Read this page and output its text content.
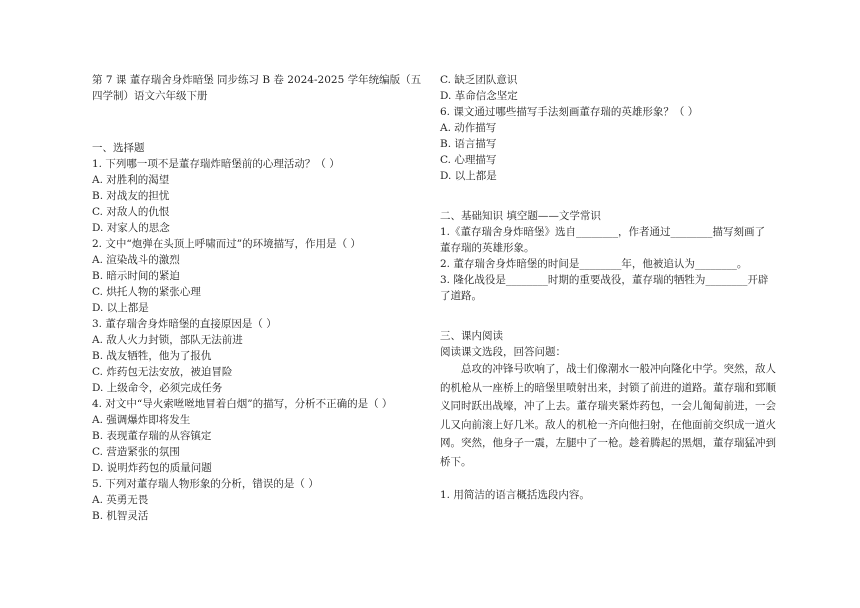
第 7 课 董存瑞舍身炸暗堡 同步练习 B 卷 2024-2025 学年统编版（五

四学制）语文六年级下册

一、选择题

1. 下列哪一项不是董存瑞炸暗堡前的心理活动？（ ）

A. 对胜利的渴望

B. 对战友的担忧

C. 对敌人的仇恨

D. 对家人的思念

2. 文中“炮弹在头顶上呼啸而过”的环境描写，作用是（ ）

A. 渲染战斗的激烈

B. 暗示时间的紧迫

C. 烘托人物的紧张心理

D. 以上都是

3. 董存瑞舍身炸暗堡的直接原因是（ ）

A. 敌人火力封锁，部队无法前进

B. 战友牺牲，他为了报仇

C. 炸药包无法安放，被迫冒险

D. 上级命令，必须完成任务

4. 对文中“导火索咝咝地冒着白烟”的描写，分析不正确的是（ ）

A. 强调爆炸即将发生

B. 表现董存瑞的从容镇定

C. 营造紧张的氛围

D. 说明炸药包的质量问题

5. 下列对董存瑞人物形象的分析，错误的是（ ）

A. 英勇无畏

B. 机智灵活

C. 缺乏团队意识

D. 革命信念坚定

6. 课文通过哪些描写手法刻画董存瑞的英雄形象？（ ）

A. 动作描写

B. 语言描写

C. 心理描写

D. 以上都是

二、基础知识 填空题——文学常识

1.《董存瑞舍身炸暗堡》选自________，作者通过________描写刻画了

董存瑞的英雄形象。

2. 董存瑞舍身炸暗堡的时间是________年，他被追认为________。

3. 隆化战役是________时期的重要战役，董存瑞的牺牲为________开辟

了道路。

三、课内阅读

阅读课文选段，回答问题：

总攻的冲锋号吹响了，战士们像潮水一般冲向隆化中学。突然，敌人的机枪从一座桥上的暗堡里喷射出来，封锁了前进的道路。董存瑞和郅顺义同时跃出战壕，冲了上去。董存瑞夹紧炸药包，一会儿匍匐前进，一会儿又向前滚上好几米。敌人的机枪一齐向他扫射，在他面前交织成一道火网。突然，他身子一震，左腿中了一枪。趁着腾起的黑烟，董存瑞猛冲到桥下。

1. 用简洁的语言概括选段内容。
